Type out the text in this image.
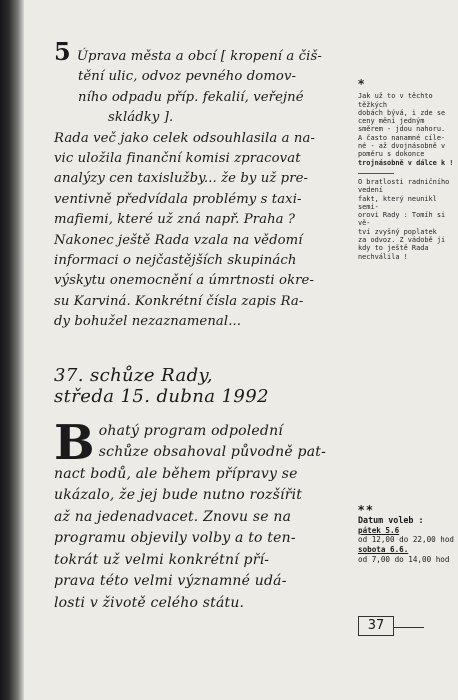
5 Úprava města a obcí [ kropení a čiš-
tění ulic, odvoz pevného domov-
ního odpadu příp. fekalií, veřejné
skládky ].
Rada več jako celek odsouhlasila a na-
vic uložila finanční komisi zpracovat
analýzy cen taxislužby... že by už pre-
ventivně předvídala problémy s taxi-
mafiemi, které už zná např. Praha ?
Nakonec ještě Rada vzala na vědomí
informaci o nejčastějších skupinách
výskytu onemocnění a úmrtnosti okre-
su Karviná. Konkrétní čísla zapis Ra-
dy bohužel nezaznamenal...
37. schůze Rady,
středa 15. dubna 1992
B ohatý program odpolední
schůze obsahoval původně pat-
nact bodů, ale během přípravy se
ukázalo, že jej bude nutno rozšířit
až na jedenadvacet. Znovu se na
programu objevily volby a to ten-
tokrát už velmi konkrétní pří-
prava této velmi významné udá-
losti v životě celého státu.
*
Jak už to v těchto těžkých
dobách bývá, i zde se
ceny mění jedným
směrem - jdou nahoru.
A často nanamné cíle-
né - až dvojnásobně v
poměru s dokonce
trojnásobně v dálce k !
O bratlosti radničního vedení
fakt, který neunikl semi-
orovi Rady : Tomíh si vě-
tví zvyšný poplatek
za odvoz. Z vádobě ji
kdy to ještě Rada
nechválila !
**
Datum voleb :
pátek 5.6
od 12,00 do 22,00 hod
sobota 6.6.
od 7,00 do 14,00 hod
37
